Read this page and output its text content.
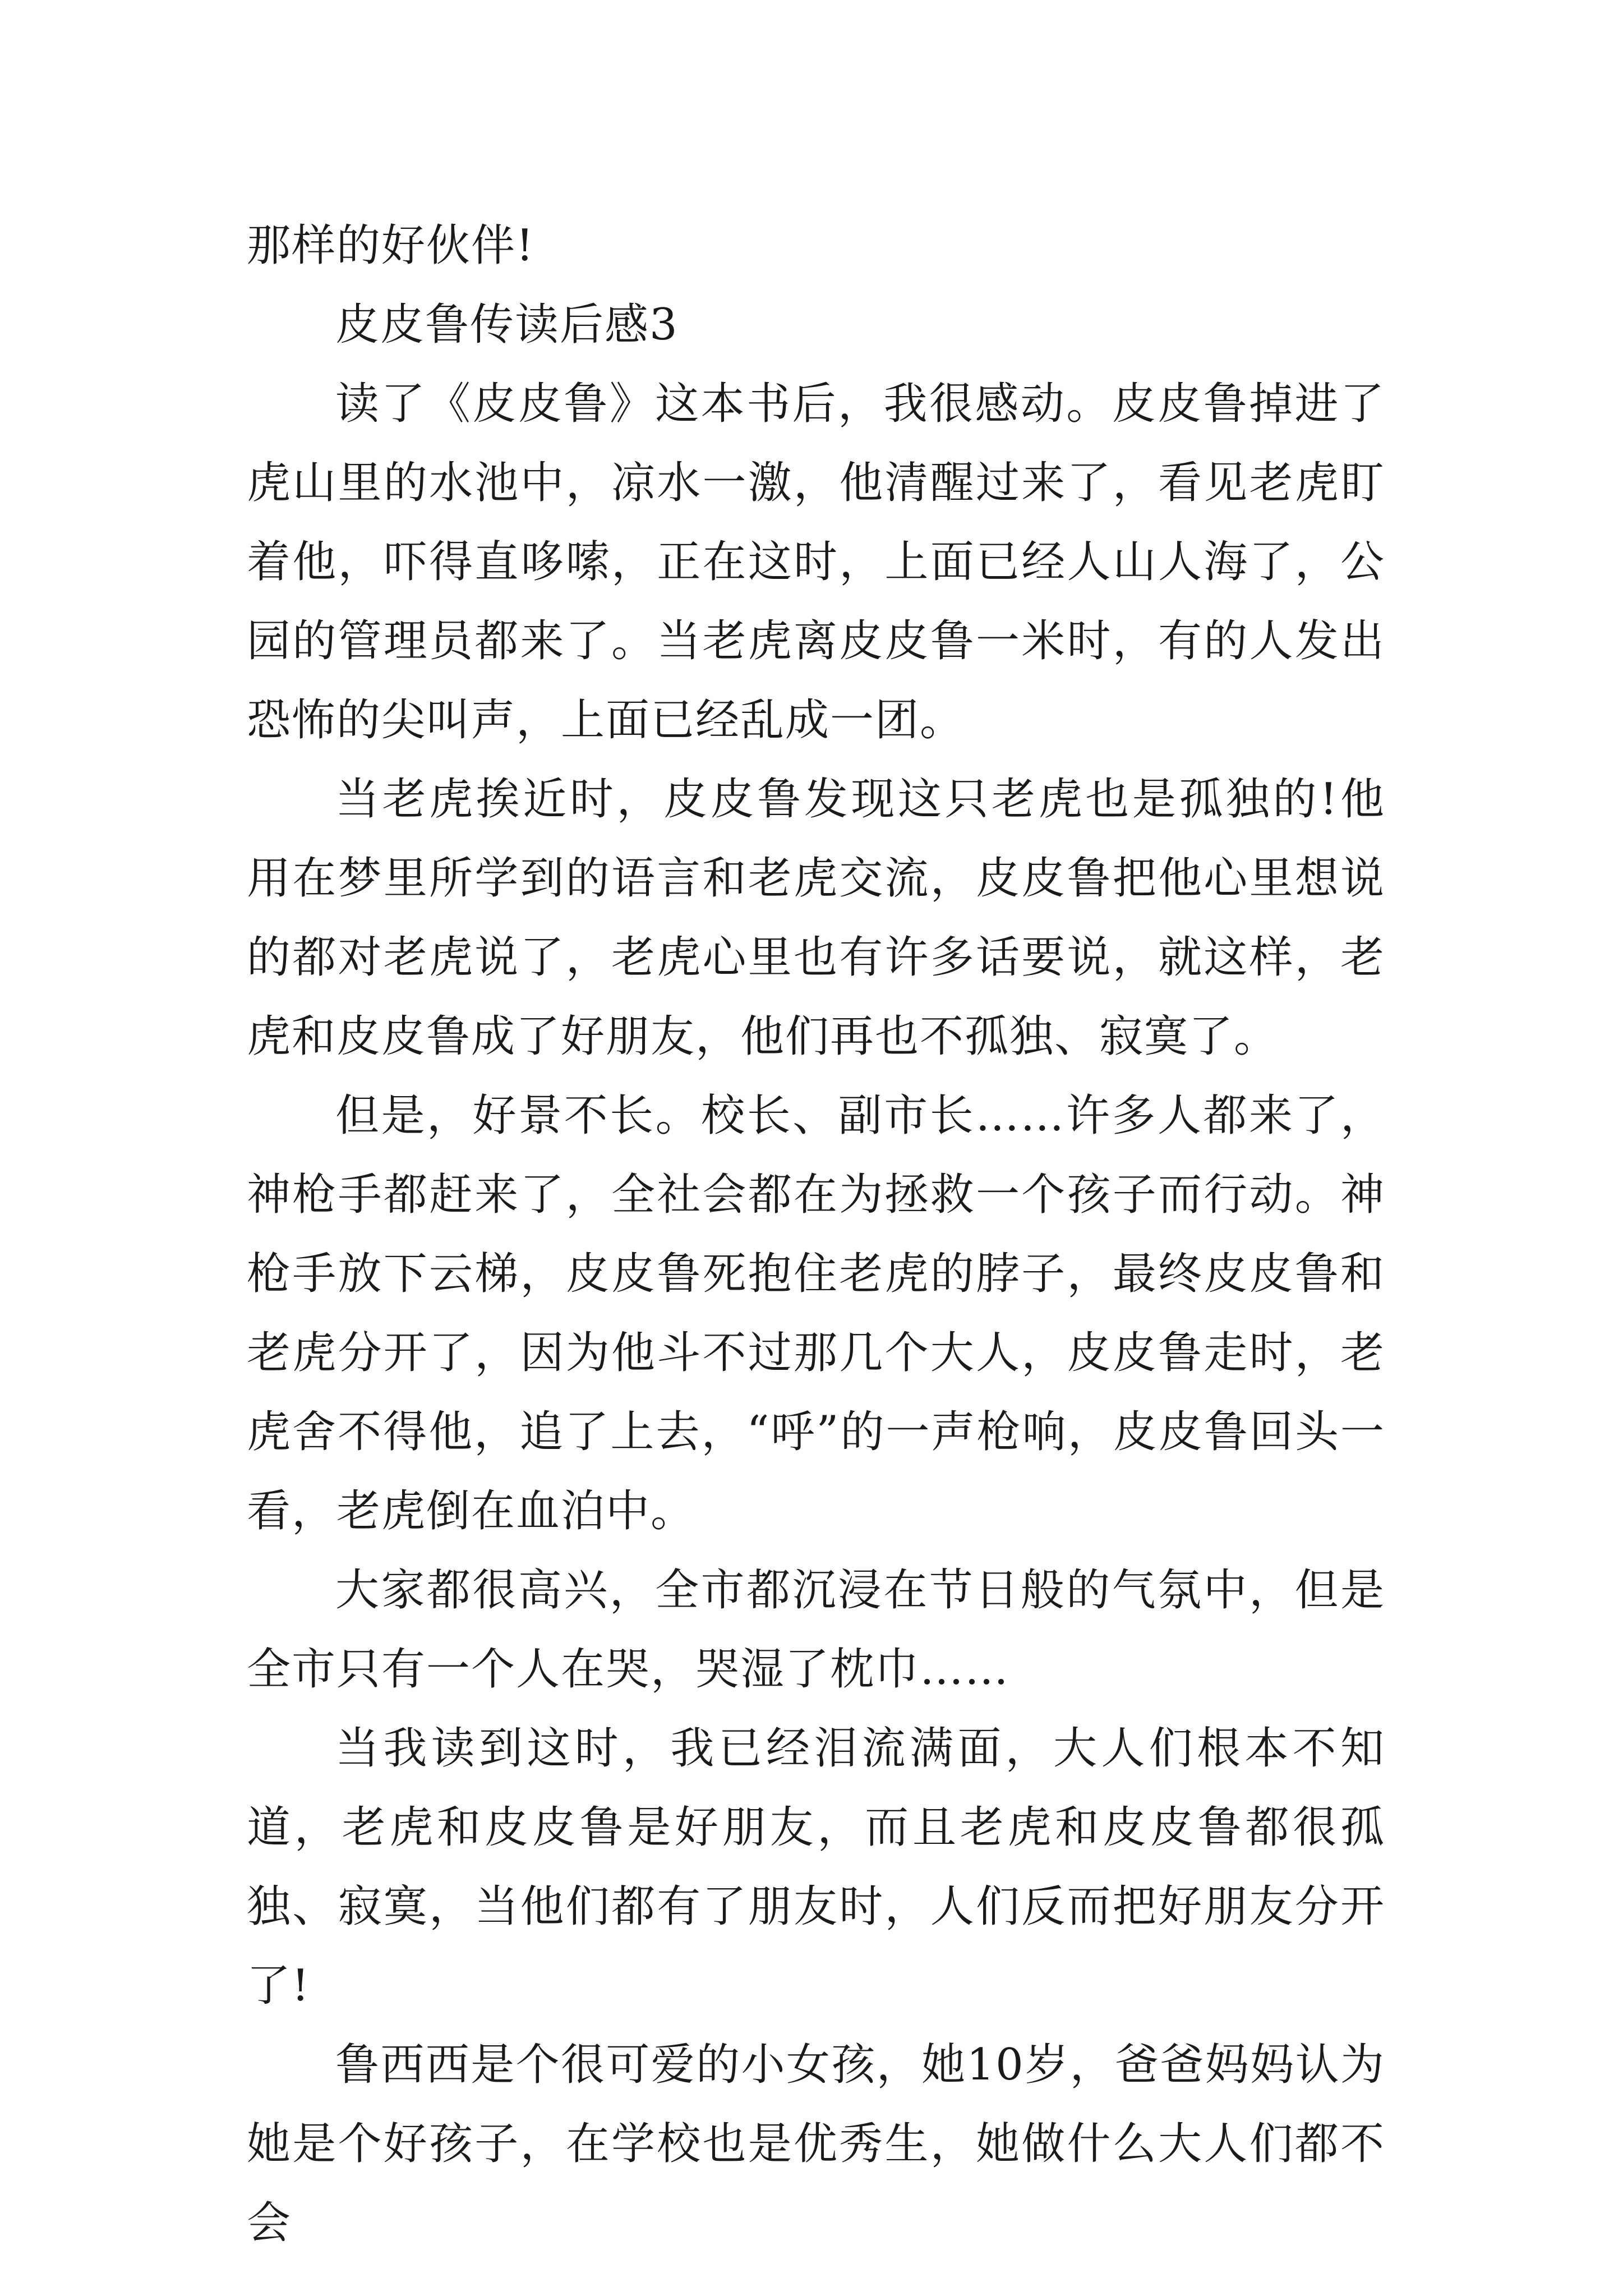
那样的好伙伴!

皮皮鲁传读后感3

读了《皮皮鲁》这本书后，我很感动。皮皮鲁掉进了虎山里的水池中，凉水一激，他清醒过来了，看见老虎盯着他，吓得直哆嗦，正在这时，上面已经人山人海了，公园的管理员都来了。当老虎离皮皮鲁一米时，有的人发出恐怖的尖叫声，上面已经乱成一团。

当老虎挨近时，皮皮鲁发现这只老虎也是孤独的!他用在梦里所学到的语言和老虎交流，皮皮鲁把他心里想说的都对老虎说了，老虎心里也有许多话要说，就这样，老虎和皮皮鲁成了好朋友，他们再也不孤独、寂寞了。

但是，好景不长。校长、副市长……许多人都来了，神枪手都赶来了，全社会都在为拯救一个孩子而行动。神枪手放下云梯，皮皮鲁死抱住老虎的脖子，最终皮皮鲁和老虎分开了，因为他斗不过那几个大人，皮皮鲁走时，老虎舍不得他，追了上去，“呼”的一声枪响，皮皮鲁回头一看，老虎倒在血泊中。

大家都很高兴，全市都沉浸在节日般的气氛中，但是全市只有一个人在哭，哭湿了枕巾……

当我读到这时，我已经泪流满面，大人们根本不知道，老虎和皮皮鲁是好朋友，而且老虎和皮皮鲁都很孤独、寂寞，当他们都有了朋友时，人们反而把好朋友分开了!

鲁西西是个很可爱的小女孩，她10岁，爸爸妈妈认为她是个好孩子，在学校也是优秀生，她做什么大人们都不会
